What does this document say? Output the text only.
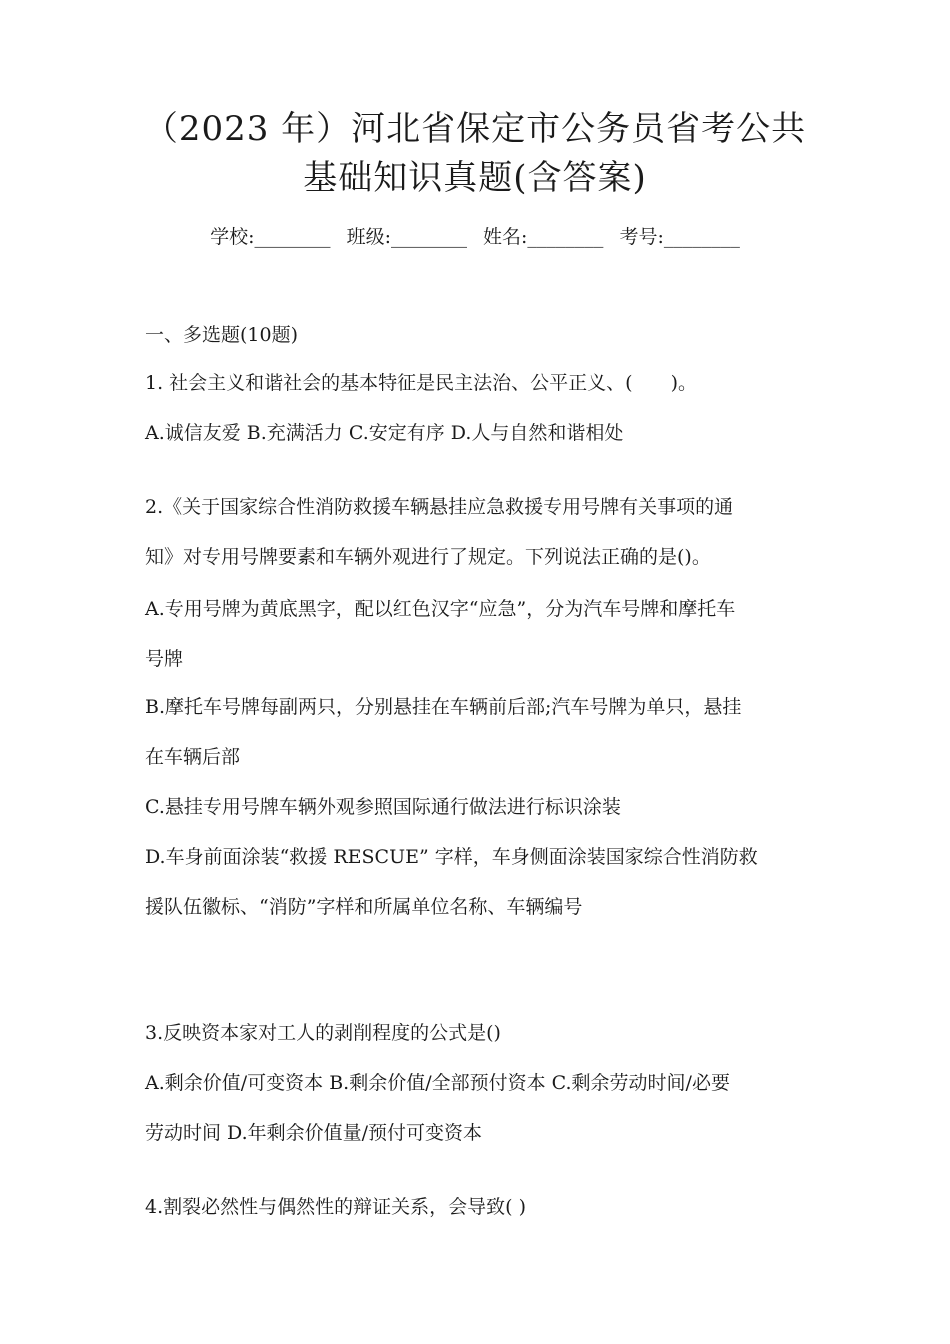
（2023 年）河北省保定市公务员省考公共
基础知识真题(含答案)
学校:________ 班级:________ 姓名:________ 考号:________
一、多选题(10题)
1. 社会主义和谐社会的基本特征是民主法治、公平正义、(　　)。
A.诚信友爱 B.充满活力 C.安定有序 D.人与自然和谐相处
2.《关于国家综合性消防救援车辆悬挂应急救援专用号牌有关事项的通
知》对专用号牌要素和车辆外观进行了规定。下列说法正确的是()。
A.专用号牌为黄底黑字，配以红色汉字“应急”，分为汽车号牌和摩托车
号牌
B.摩托车号牌每副两只，分别悬挂在车辆前后部;汽车号牌为单只，悬挂
在车辆后部
C.悬挂专用号牌车辆外观参照国际通行做法进行标识涂装
D.车身前面涂装“救援 RESCUE” 字样，车身侧面涂装国家综合性消防救
援队伍徽标、“消防”字样和所属单位名称、车辆编号
3.反映资本家对工人的剥削程度的公式是()
A.剩余价值/可变资本 B.剩余价值/全部预付资本 C.剩余劳动时间/必要
劳动时间 D.年剩余价值量/预付可变资本
4.割裂必然性与偶然性的辩证关系，会导致( )
